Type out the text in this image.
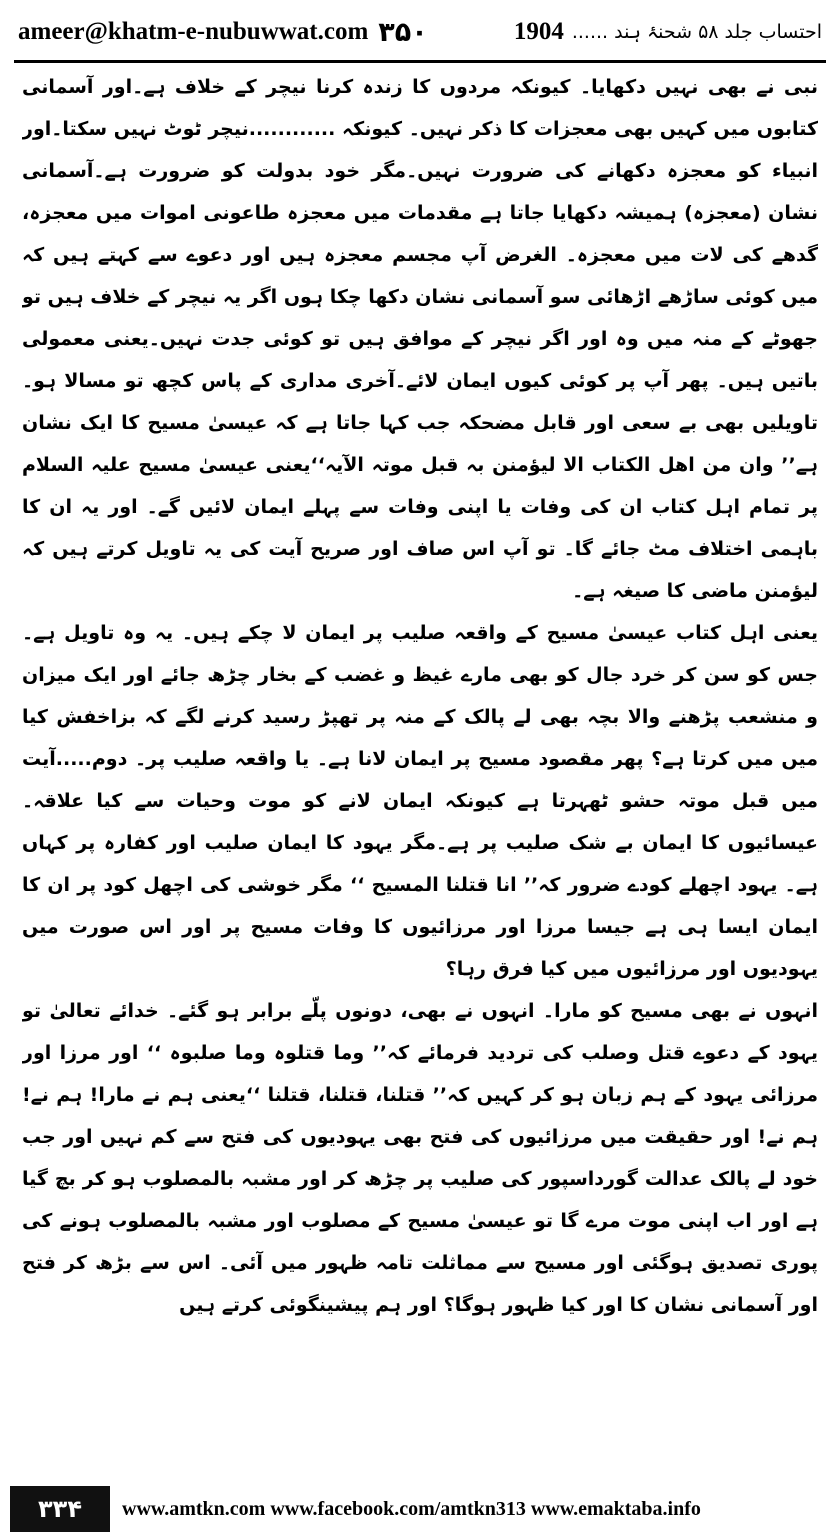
ameer@khatm-e-nubuwwat.com ۳۵۰	احتساب جلد ۵۸ شحنۂ ہند ......
1904

نبی نے بھی نہیں دکھایا۔ کیونکہ مردوں کا زندہ کرنا نیچر کے خلاف ہے۔اور آسمانی کتابوں میں کہیں بھی معجزات کا ذکر نہیں۔ کیونکہ ............نیچر ٹوٹ نہیں سکتا۔اور انبیاء کو معجزہ دکھانے کی ضرورت نہیں۔مگر خود بدولت کو ضرورت ہے۔آسمانی نشان (معجزہ) ہمیشہ دکھایا جاتا ہے مقدمات میں معجزہ طاعونی اموات میں معجزہ، گدھے کی لات میں معجزہ۔ الغرض آپ مجسم معجزہ ہیں اور دعوے سے کہتے ہیں کہ میں کوئی ساڑھے اڑھائی سو آسمانی نشان دکھا چکا ہوں اگر یہ نیچر کے خلاف ہیں تو جھوٹے کے منہ میں وہ اور اگر نیچر کے موافق ہیں تو کوئی جدت نہیں۔یعنی معمولی باتیں ہیں۔ پھر آپ پر کوئی کیوں ایمان لائے۔آخری مداری کے پاس کچھ تو مسالا ہو۔تاویلیں بھی بے سعی اور قابل مضحکہ جب کہا جاتا ہے کہ عیسیٰ مسیح کا ایک نشان ہے’’ وان من اھل الکتاب الا لیؤمنن بہ قبل موتہ الآیہ‘‘یعنی عیسیٰ مسیح علیہ السلام پر تمام اہل کتاب ان کی وفات یا اپنی وفات سے پہلے ایمان لائیں گے۔ اور یہ ان کا باہمی اختلاف مٹ جائے گا۔ تو آپ اس صاف اور صریح آیت کی یہ تاویل کرتے ہیں کہ لیؤمنن ماضی کا صیغہ ہے۔

یعنی اہل کتاب عیسیٰ مسیح کے واقعہ صلیب پر ایمان لا چکے ہیں۔ یہ وہ تاویل ہے۔جس کو سن کر خرد جال کو بھی مارے غیظ و غضب کے بخار چڑھ جائے اور ایک میزان و منشعب پڑھنے والا بچہ بھی لے پالک کے منہ پر تھپڑ رسید کرنے لگے کہ بزاخفش کیا میں میں کرتا ہے؟ پھر مقصود مسیح پر ایمان لانا ہے۔ یا واقعہ صلیب پر۔ دوم.....آیت میں قبل موتہ حشو ٹھہرتا ہے کیونکہ ایمان لانے کو موت وحیات سے کیا علاقہ۔عیسائیوں کا ایمان بے شک صلیب پر ہے۔مگر یہود کا ایمان صلیب اور کفارہ پر کہاں ہے۔ یہود اچھلے کودے ضرور کہ’’ انا قتلنا المسیح ‘‘ مگر خوشی کی اچھل کود پر ان کا ایمان ایسا ہی ہے جیسا مرزا اور مرزائیوں کا وفات مسیح پر اور اس صورت میں یہودیوں اور مرزائیوں میں کیا فرق رہا؟

انہوں نے بھی مسیح کو مارا۔ انہوں نے بھی، دونوں پلّے برابر ہو گئے۔ خدائے تعالیٰ تو یہود کے دعوے قتل وصلب کی تردید فرمائے کہ’’ وما قتلوہ وما صلبوہ ‘‘ اور مرزا اور مرزائی یہود کے ہم زبان ہو کر کہیں کہ’’ قتلنا، قتلنا، قتلنا ‘‘یعنی ہم نے مارا! ہم نے! ہم نے! اور حقیقت میں مرزائیوں کی فتح بھی یہودیوں کی فتح سے کم نہیں اور جب خود لے پالک عدالت گورداسپور کی صلیب پر چڑھ کر اور مشبہ بالمصلوب ہو کر بچ گیا ہے اور اب اپنی موت مرے گا تو عیسیٰ مسیح کے مصلوب اور مشبہ بالمصلوب ہونے کی پوری تصدیق ہوگئی اور مسیح سے مماثلت تامہ ظہور میں آئی۔ اس سے بڑھ کر فتح اور آسمانی نشان کا اور کیا ظہور ہوگا؟ اور ہم پیشینگوئی کرتے ہیں

۳۳۴	www.amtkn.com www.facebook.com/amtkn313 www.emaktaba.info
